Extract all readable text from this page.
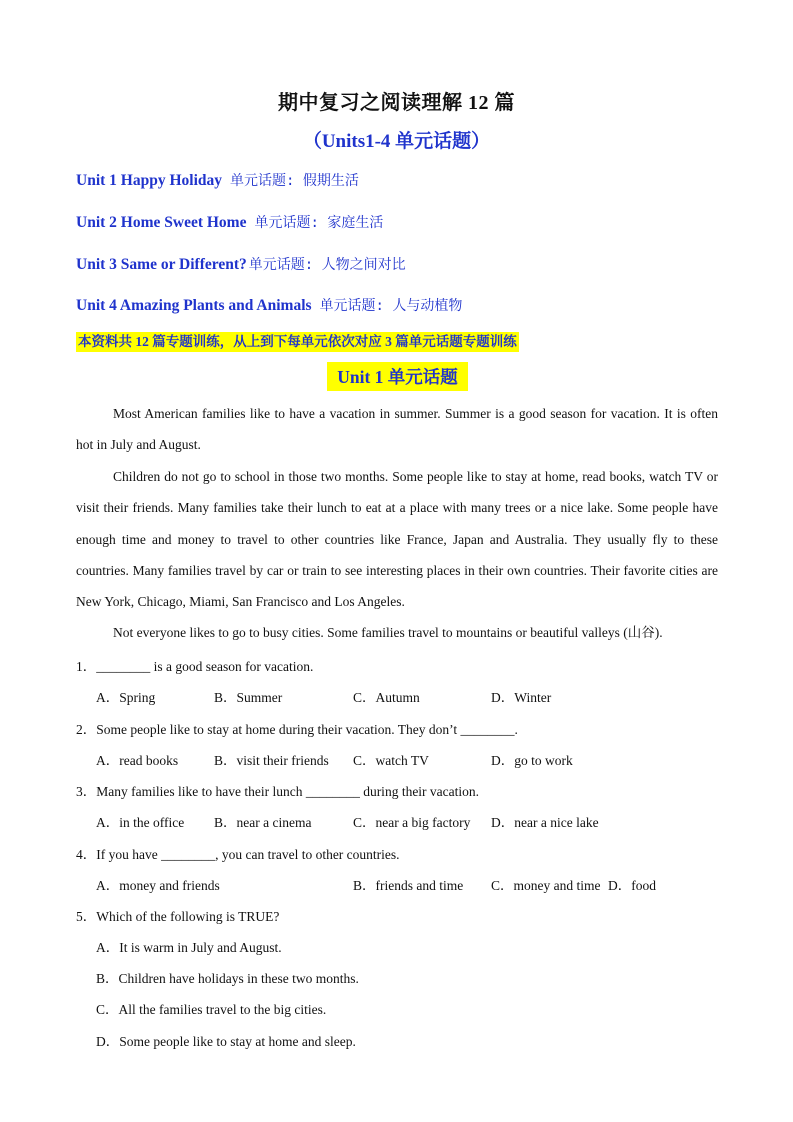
期中复习之阅读理解 12 篇
（Units1-4 单元话题）
Unit 1 Happy Holiday 单元话题: 假期生活
Unit 2 Home Sweet Home 单元话题: 家庭生活
Unit 3 Same or Different? 单元话题: 人物之间对比
Unit 4 Amazing Plants and Animals 单元话题: 人与动植物
本资料共 12 篇专题训练，从上到下每单元依次对应 3 篇单元话题专题训练
Unit 1 单元话题
Most American families like to have a vacation in summer. Summer is a good season for vacation. It is often hot in July and August.
Children do not go to school in those two months. Some people like to stay at home, read books, watch TV or visit their friends. Many families take their lunch to eat at a place with many trees or a nice lake. Some people have enough time and money to travel to other countries like France, Japan and Australia. They usually fly to these countries. Many families travel by car or train to see interesting places in their own countries. Their favorite cities are New York, Chicago, Miami, San Francisco and Los Angeles.
Not everyone likes to go to busy cities. Some families travel to mountains or beautiful valleys (山谷).
1．________ is a good season for vacation.
A．Spring	B．Summer	C．Autumn	D．Winter
2．Some people like to stay at home during their vacation. They don’t ________.
A．read books	B．visit their friends C．watch TV	D．go to work
3．Many families like to have their lunch ________ during their vacation.
A．in the office B．near a cinema	C．near a big factory D．near a nice lake
4．If you have ________, you can travel to other countries.
A．money and friends	B．friends and time C．money and time D．food
5．Which of the following is TRUE?
A．It is warm in July and August.
B．Children have holidays in these two months.
C．All the families travel to the big cities.
D．Some people like to stay at home and sleep.
